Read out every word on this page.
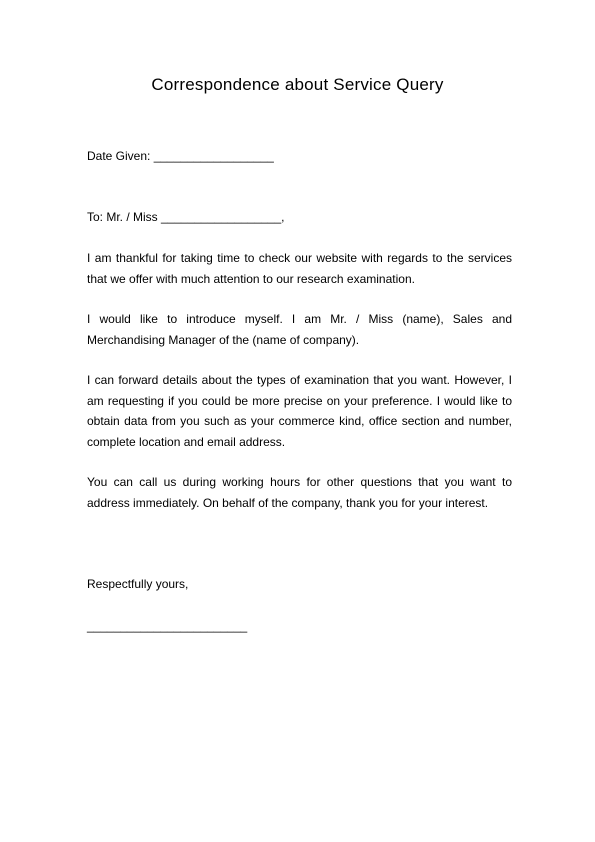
Correspondence about Service Query

Date Given: __________________

To: Mr. / Miss __________________,

I am thankful for taking time to check our website with regards to the services that we offer with much attention to our research examination.

I would like to introduce myself. I am Mr. / Miss (name), Sales and Merchandising Manager of the (name of company).

I can forward details about the types of examination that you want. However, I am requesting if you could be more precise on your preference. I would like to obtain data from you such as your commerce kind, office section and number, complete location and email address.

You can call us during working hours for other questions that you want to address immediately. On behalf of the company, thank you for your interest.

Respectfully yours,

________________________
